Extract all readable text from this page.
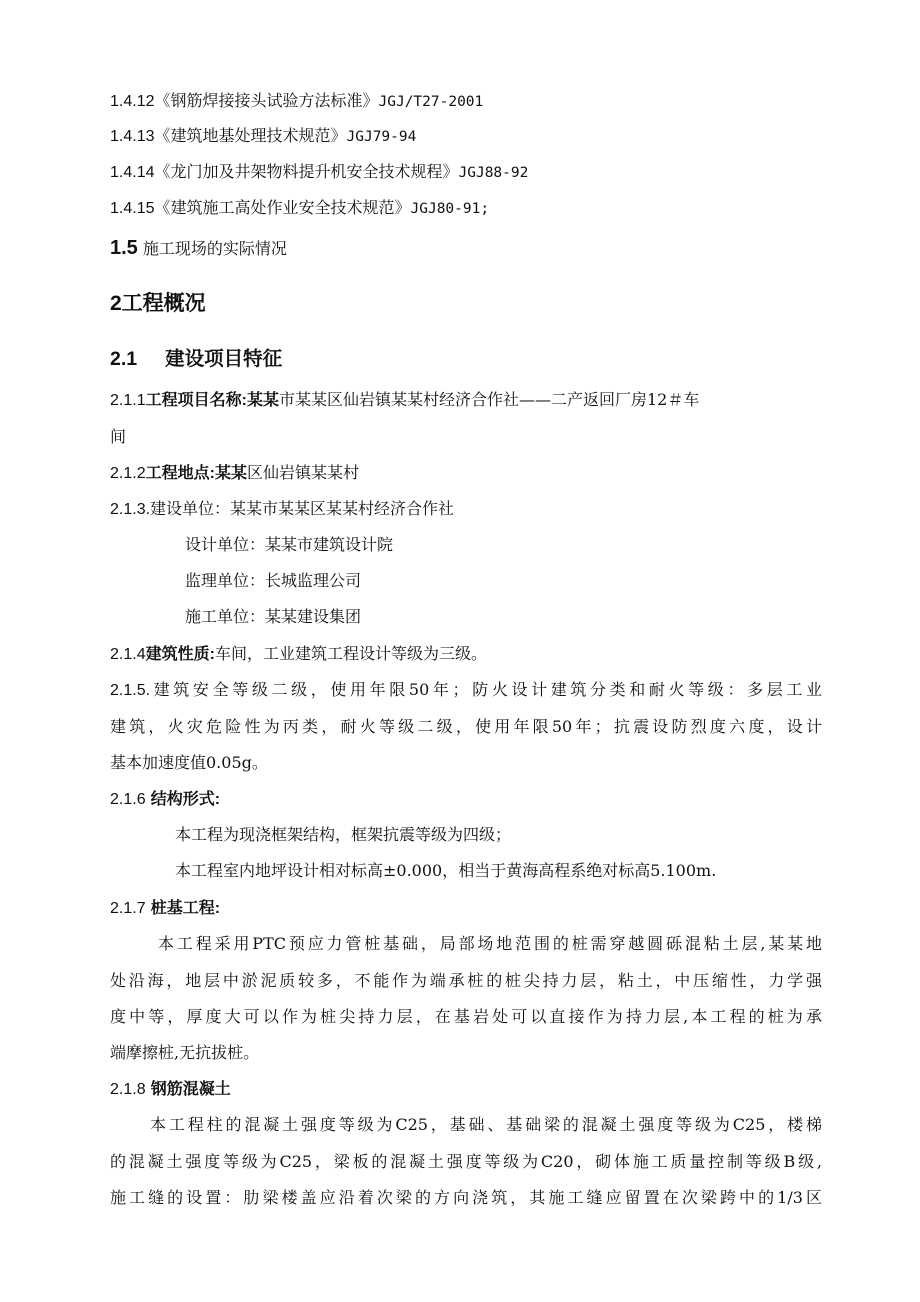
1.4.12《钢筋焊接接头试验方法标准》JGJ/T27-2001
1.4.13《建筑地基处理技术规范》JGJ79-94
1.4.14《龙门加及井架物料提升机安全技术规程》JGJ88-92
1.4.15《建筑施工高处作业安全技术规范》JGJ80-91;
1.5 施工现场的实际情况
2工程概况
2.1 建设项目特征
2.1.1工程项目名称:某某市某某区仙岩镇某某村经济合作社——二产返回厂房12＃车
间
2.1.2工程地点:某某区仙岩镇某某村
2.1.3.建设单位：某某市某某区某某村经济合作社
设计单位：某某市建筑设计院
监理单位：长城监理公司
施工单位：某某建设集团
2.1.4建筑性质:车间，工业建筑工程设计等级为三级。
2.1.5.建筑安全等级二级，使用年限50年；防火设计建筑分类和耐火等级：多层工业
建筑，火灾危险性为丙类，耐火等级二级，使用年限50年；抗震设防烈度六度，设计
基本加速度值0.05g。
2.1.6 结构形式:
本工程为现浇框架结构，框架抗震等级为四级；
本工程室内地坪设计相对标高±0.000，相当于黄海高程系绝对标高5.100m.
2.1.7 桩基工程:
本工程采用PTC预应力管桩基础，局部场地范围的桩需穿越圆砾混粘土层,某某地
处沿海，地层中淤泥质较多，不能作为端承桩的桩尖持力层，粘土，中压缩性，力学强
度中等，厚度大可以作为桩尖持力层，在基岩处可以直接作为持力层,本工程的桩为承
端摩擦桩,无抗拔桩。
2.1.8 钢筋混凝土
本工程柱的混凝土强度等级为C25，基础、基础梁的混凝土强度等级为C25，楼梯
的混凝土强度等级为C25，梁板的混凝土强度等级为C20，砌体施工质量控制等级B级,
施工缝的设置：肋梁楼盖应沿着次梁的方向浇筑，其施工缝应留置在次梁跨中的1/3区
